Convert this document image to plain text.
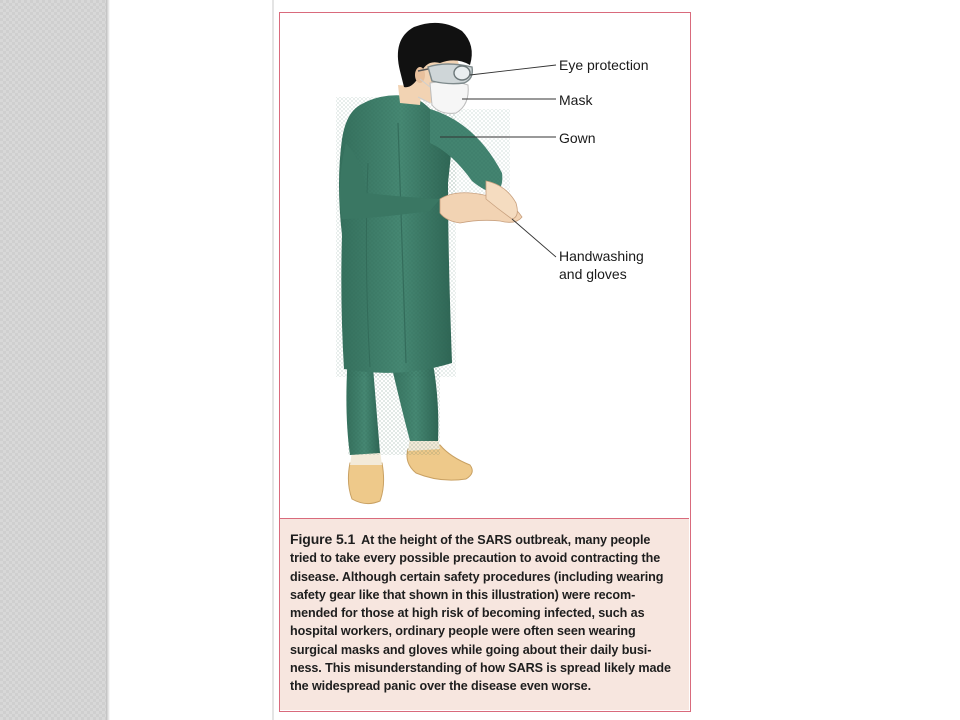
Eye protection
Mask
Gown
Handwashing
and gloves

Figure 5.1 At the height of the SARS outbreak, many people tried to take every possible precaution to avoid contracting the disease. Although certain safety procedures (including wearing safety gear like that shown in this illustration) were recom-mended for those at high risk of becoming infected, such as hospital workers, ordinary people were often seen wearing surgical masks and gloves while going about their daily busi-ness. This misunderstanding of how SARS is spread likely made the widespread panic over the disease even worse.
